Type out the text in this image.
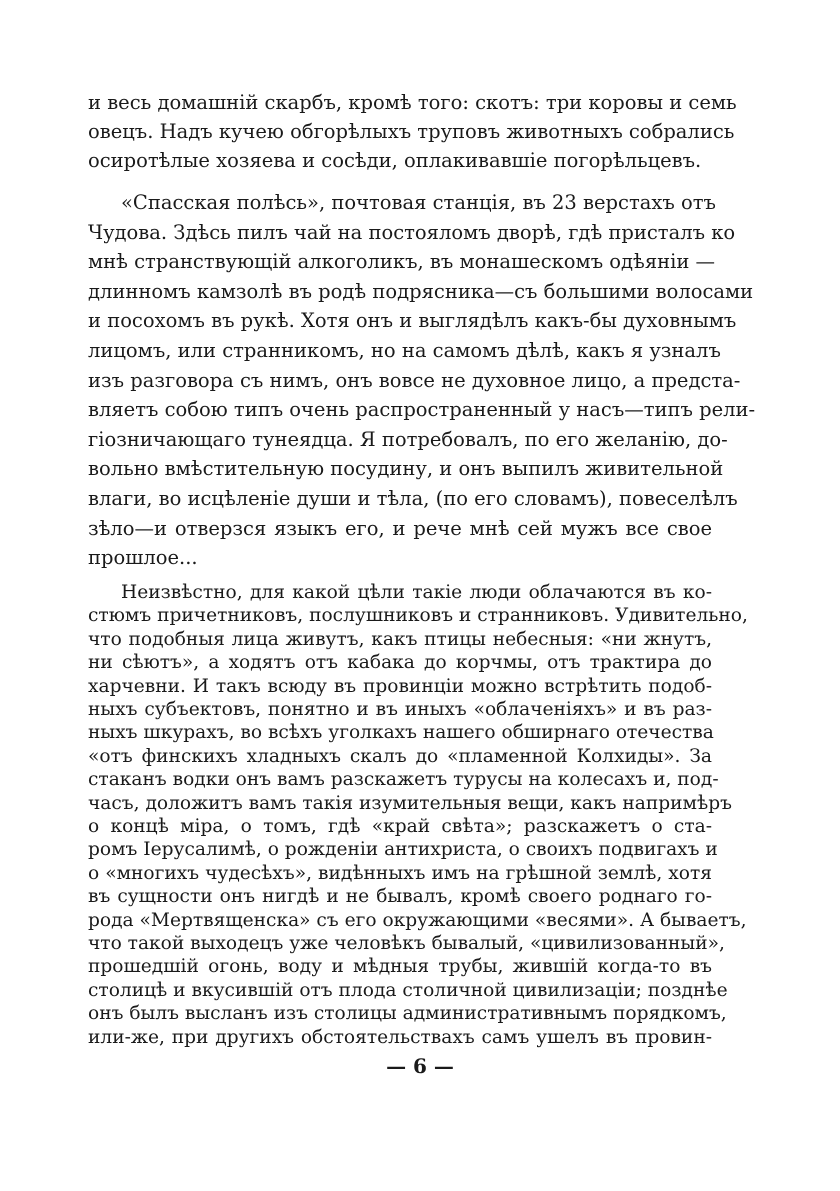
и весь домашній скарбъ, кромѣ того: скотъ: три коровы и семь
овецъ. Надъ кучею обгорѣлыхъ труповъ животныхъ собрались
осиротѣлые хозяева и сосѣди, оплакивавшіе погорѣльцевъ.
«Спасская полѣсь», почтовая станція, въ 23 верстахъ отъ
Чудова. Здѣсь пилъ чай на постояломъ дворѣ, гдѣ присталъ ко
мнѣ странствующій алкоголикъ, въ монашескомъ одѣяніи —
длинномъ камзолѣ въ родѣ подрясника—съ большими волосами
и посохомъ въ рукѣ. Хотя онъ и выглядѣлъ какъ-бы духовнымъ
лицомъ, или странникомъ, но на самомъ дѣлѣ, какъ я узналъ
изъ разговора съ нимъ, онъ вовсе не духовное лицо, а предста-
вляетъ собою типъ очень распространенный у насъ—типъ рели-
гіозничающаго тунеядца. Я потребовалъ, по его желанію, до-
вольно вмѣстительную посудину, и онъ выпилъ живительной
влаги, во исцѣленіе души и тѣла, (по его словамъ), повеселѣлъ
зѣло—и отверзся языкъ его, и рече мнѣ сей мужъ все свое
прошлое...
Неизвѣстно, для какой цѣли такіе люди облачаются въ ко-
стюмъ причетниковъ, послушниковъ и странниковъ. Удивительно,
что подобныя лица живутъ, какъ птицы небесныя: «ни жнутъ,
ни сѣютъ», а ходятъ отъ кабака до корчмы, отъ трактира до
харчевни. И такъ всюду въ провинціи можно встрѣтить подоб-
ныхъ субъектовъ, понятно и въ иныхъ «облаченіяхъ» и въ раз-
ныхъ шкурахъ, во всѣхъ уголкахъ нашего обширнаго отечества
«отъ финскихъ хладныхъ скалъ до «пламенной Колхиды». За
стаканъ водки онъ вамъ разскажетъ турусы на колесахъ и, под-
часъ, доложитъ вамъ такія изумительныя вещи, какъ напримѣръ
о концѣ міра, о томъ, гдѣ «край свѣта»; разскажетъ о ста-
ромъ Іерусалимѣ, о рожденіи антихриста, о своихъ подвигахъ и
о «многихъ чудесѣхъ», видѣнныхъ имъ на грѣшной землѣ, хотя
въ сущности онъ нигдѣ и не бывалъ, кромѣ своего роднаго го-
рода «Мертвященска» съ его окружающими «весями». А бываетъ,
что такой выходецъ уже человѣкъ бывалый, «цивилизованный»,
прошедшій огонь, воду и мѣдныя трубы, жившій когда-то въ
столицѣ и вкусившій отъ плода столичной цивилизаціи; позднѣе
онъ былъ высланъ изъ столицы административнымъ порядкомъ,
или-же, при другихъ обстоятельствахъ самъ ушелъ въ провин-
— 6 —
